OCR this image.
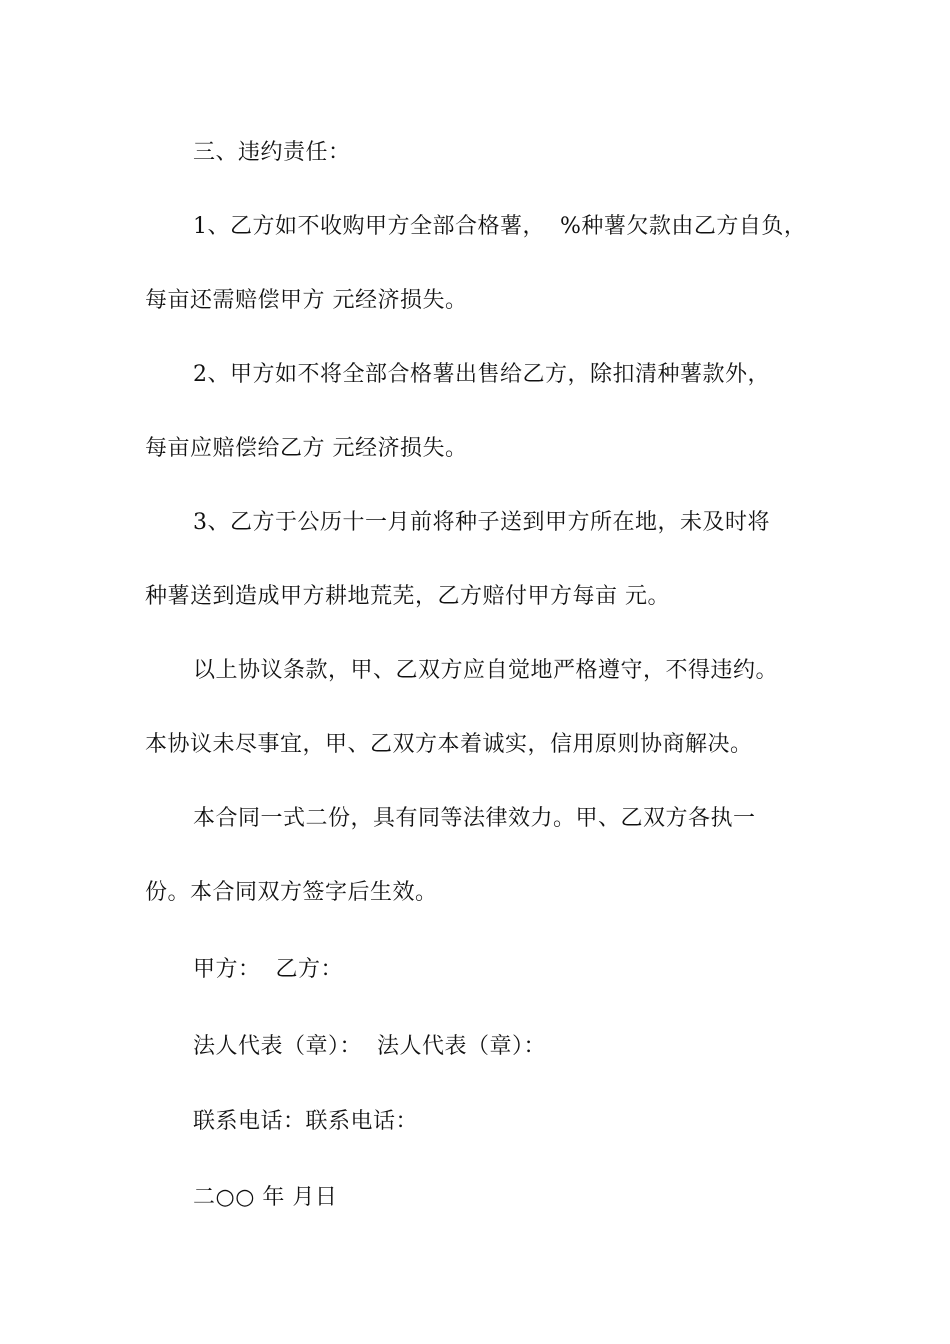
三、违约责任：
1、乙方如不收购甲方全部合格薯，  %种薯欠款由乙方自负，
每亩还需赔偿甲方 元经济损失。
2、甲方如不将全部合格薯出售给乙方，除扣清种薯款外，
每亩应赔偿给乙方 元经济损失。
3、乙方于公历十一月前将种子送到甲方所在地，未及时将
种薯送到造成甲方耕地荒芜，乙方赔付甲方每亩 元。
以上协议条款，甲、乙双方应自觉地严格遵守，不得违约。
本协议未尽事宜，甲、乙双方本着诚实，信用原则协商解决。
本合同一式二份，具有同等法律效力。甲、乙双方各执一
份。本合同双方签字后生效。
甲方：  乙方：
法人代表（章）：  法人代表（章）：
联系电话：联系电话：
二○○ 年 月日
